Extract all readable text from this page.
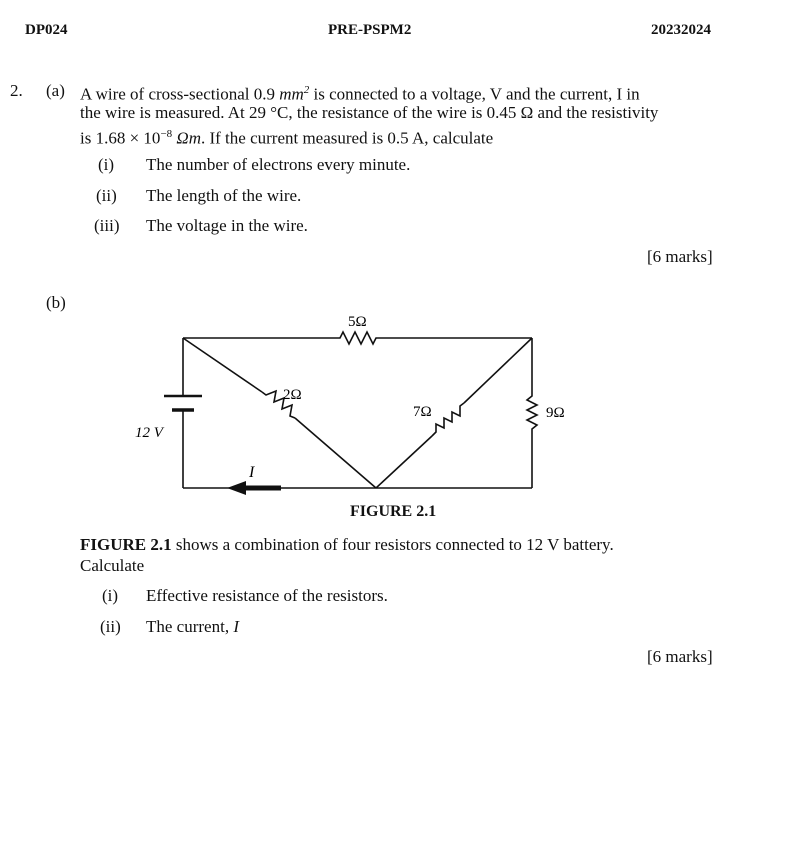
DP024	PRE-PSPM2	20232024
2. (a) A wire of cross-sectional 0.9 $mm^2$ is connected to a voltage, V and the current, I in
the wire is measured. At 29 °C, the resistance of the wire is 0.45 Ω and the resistivity
is $1.68 \times 10^{-8}$ Ωm. If the current measured is 0.5 A, calculate
(i) The number of electrons every minute.
(ii) The length of the wire.
(iii) The voltage in the wire.
[6 marks]
(b)
5Ω
2Ω
7Ω	9Ω
12 V
I
FIGURE 2.1
FIGURE 2.1 shows a combination of four resistors connected to 12 V battery.
Calculate
(i) Effective resistance of the resistors.
(ii) The current, I
[6 marks]
